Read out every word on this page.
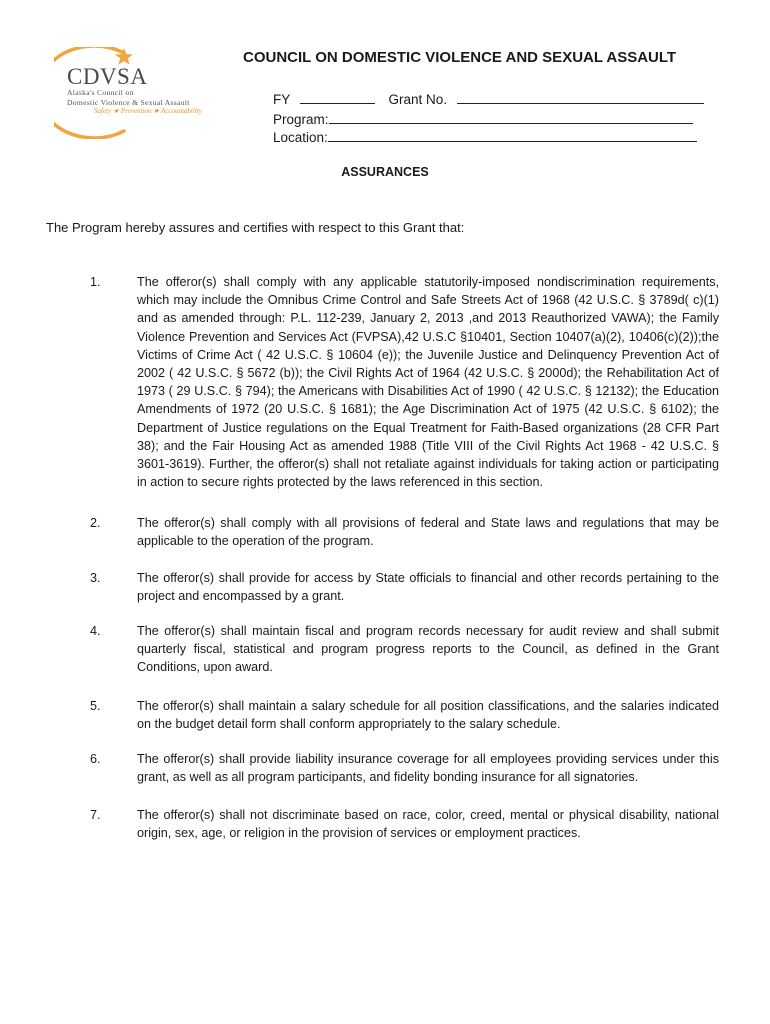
CDVSA
Alaska's Council on
Domestic Violence & Sexual Assault
Safety ★ Prevention ★ Accountability
COUNCIL ON DOMESTIC VIOLENCE AND SEXUAL ASSAULT
FY	Grant No.
Program:
Location:
ASSURANCES
The Program hereby assures and certifies with respect to this Grant that:
1.	The offeror(s) shall comply with any applicable statutorily-imposed nondiscrimination requirements, which may include the Omnibus Crime Control and Safe Streets Act of 1968 (42 U.S.C. § 3789d( c)(1) and as amended through: P.L. 112-239, January 2, 2013 ,and 2013 Reauthorized VAWA); the Family Violence Prevention and Services Act (FVPSA),42 U.S.C §10401, Section 10407(a)(2), 10406(c)(2));the Victims of Crime Act ( 42 U.S.C. § 10604 (e)); the Juvenile Justice and Delinquency Prevention Act of 2002 ( 42 U.S.C. § 5672 (b)); the Civil Rights Act of 1964 (42 U.S.C. § 2000d); the Rehabilitation Act of 1973 ( 29 U.S.C. § 794); the Americans with Disabilities Act of 1990 ( 42 U.S.C. § 12132); the Education Amendments of 1972 (20 U.S.C. § 1681); the Age Discrimination Act of 1975 (42 U.S.C. § 6102); the Department of Justice regulations on the Equal Treatment for Faith-Based organizations (28 CFR Part 38); and the Fair Housing Act as amended 1988 (Title VIII of the Civil Rights Act 1968 - 42 U.S.C. § 3601-3619). Further, the offeror(s) shall not retaliate against individuals for taking action or participating in action to secure rights protected by the laws referenced in this section.
2.	The offeror(s) shall comply with all provisions of federal and State laws and regulations that may be applicable to the operation of the program.
3.	The offeror(s) shall provide for access by State officials to financial and other records pertaining to the project and encompassed by a grant.
4.	The offeror(s) shall maintain fiscal and program records necessary for audit review and shall submit quarterly fiscal, statistical and program progress reports to the Council, as defined in the Grant Conditions, upon award.
5.	The offeror(s) shall maintain a salary schedule for all position classifications, and the salaries indicated on the budget detail form shall conform appropriately to the salary schedule.
6.	The offeror(s) shall provide liability insurance coverage for all employees providing services under this grant, as well as all program participants, and fidelity bonding insurance for all signatories.
7.	The offeror(s) shall not discriminate based on race, color, creed, mental or physical disability, national origin, sex, age, or religion in the provision of services or employment practices.
